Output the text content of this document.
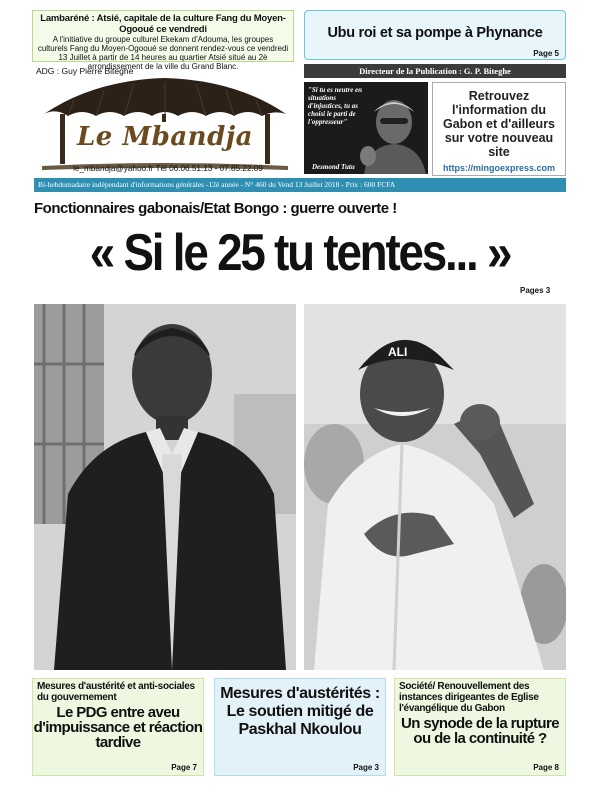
Lambaréné : Atsié, capitale de la culture Fang du Moyen-Ogooué ce vendredi
A l'initiative du groupe culturel Ekekam d'Adouma, les groupes culturels Fang du Moyen-Ogooué se donnent rendez-vous ce vendredi 13 Juillet à partir de 14 heures au quartier Atsié situé au 2è arrondissement de la ville du Grand Blanc.
Ubu roi et sa pompe à Phynance
Page 5
ADG : Guy Pierre Biteghe
Le Mbandja
le_mbandja@yahoo.fr Tél 06.06.51.13 - 07.85.22.09
Directeur de la Publication : G. P. Biteghe
"Si tu es neutre en situations d'injustices, tu as choisi le parti de l'oppresseur"
Desmond Tutu
Retrouvez l'information du Gabon et d'ailleurs sur votre nouveau site
https://mingoexpress.com
Bi-hebdomadaire indépendant d'informations générales -12è année - N° 460 du Vend 13 Juillet 2018 - Prix : 600 FCFA
Fonctionnaires gabonais/Etat Bongo : guerre ouverte !
« Si le 25 tu tentes... »
Pages 3
ALI
Mesures d'austérité et anti-sociales du gouvernement
Le PDG entre aveu d'impuissance et réaction tardive
Page 7
Mesures d'austérités : Le soutien mitigé de Paskhal Nkoulou
Page 3
Société/ Renouvellement des instances dirigeantes de Eglise l'évangélique du Gabon
Un synode de la rupture ou de la continuité ?
Page 8
